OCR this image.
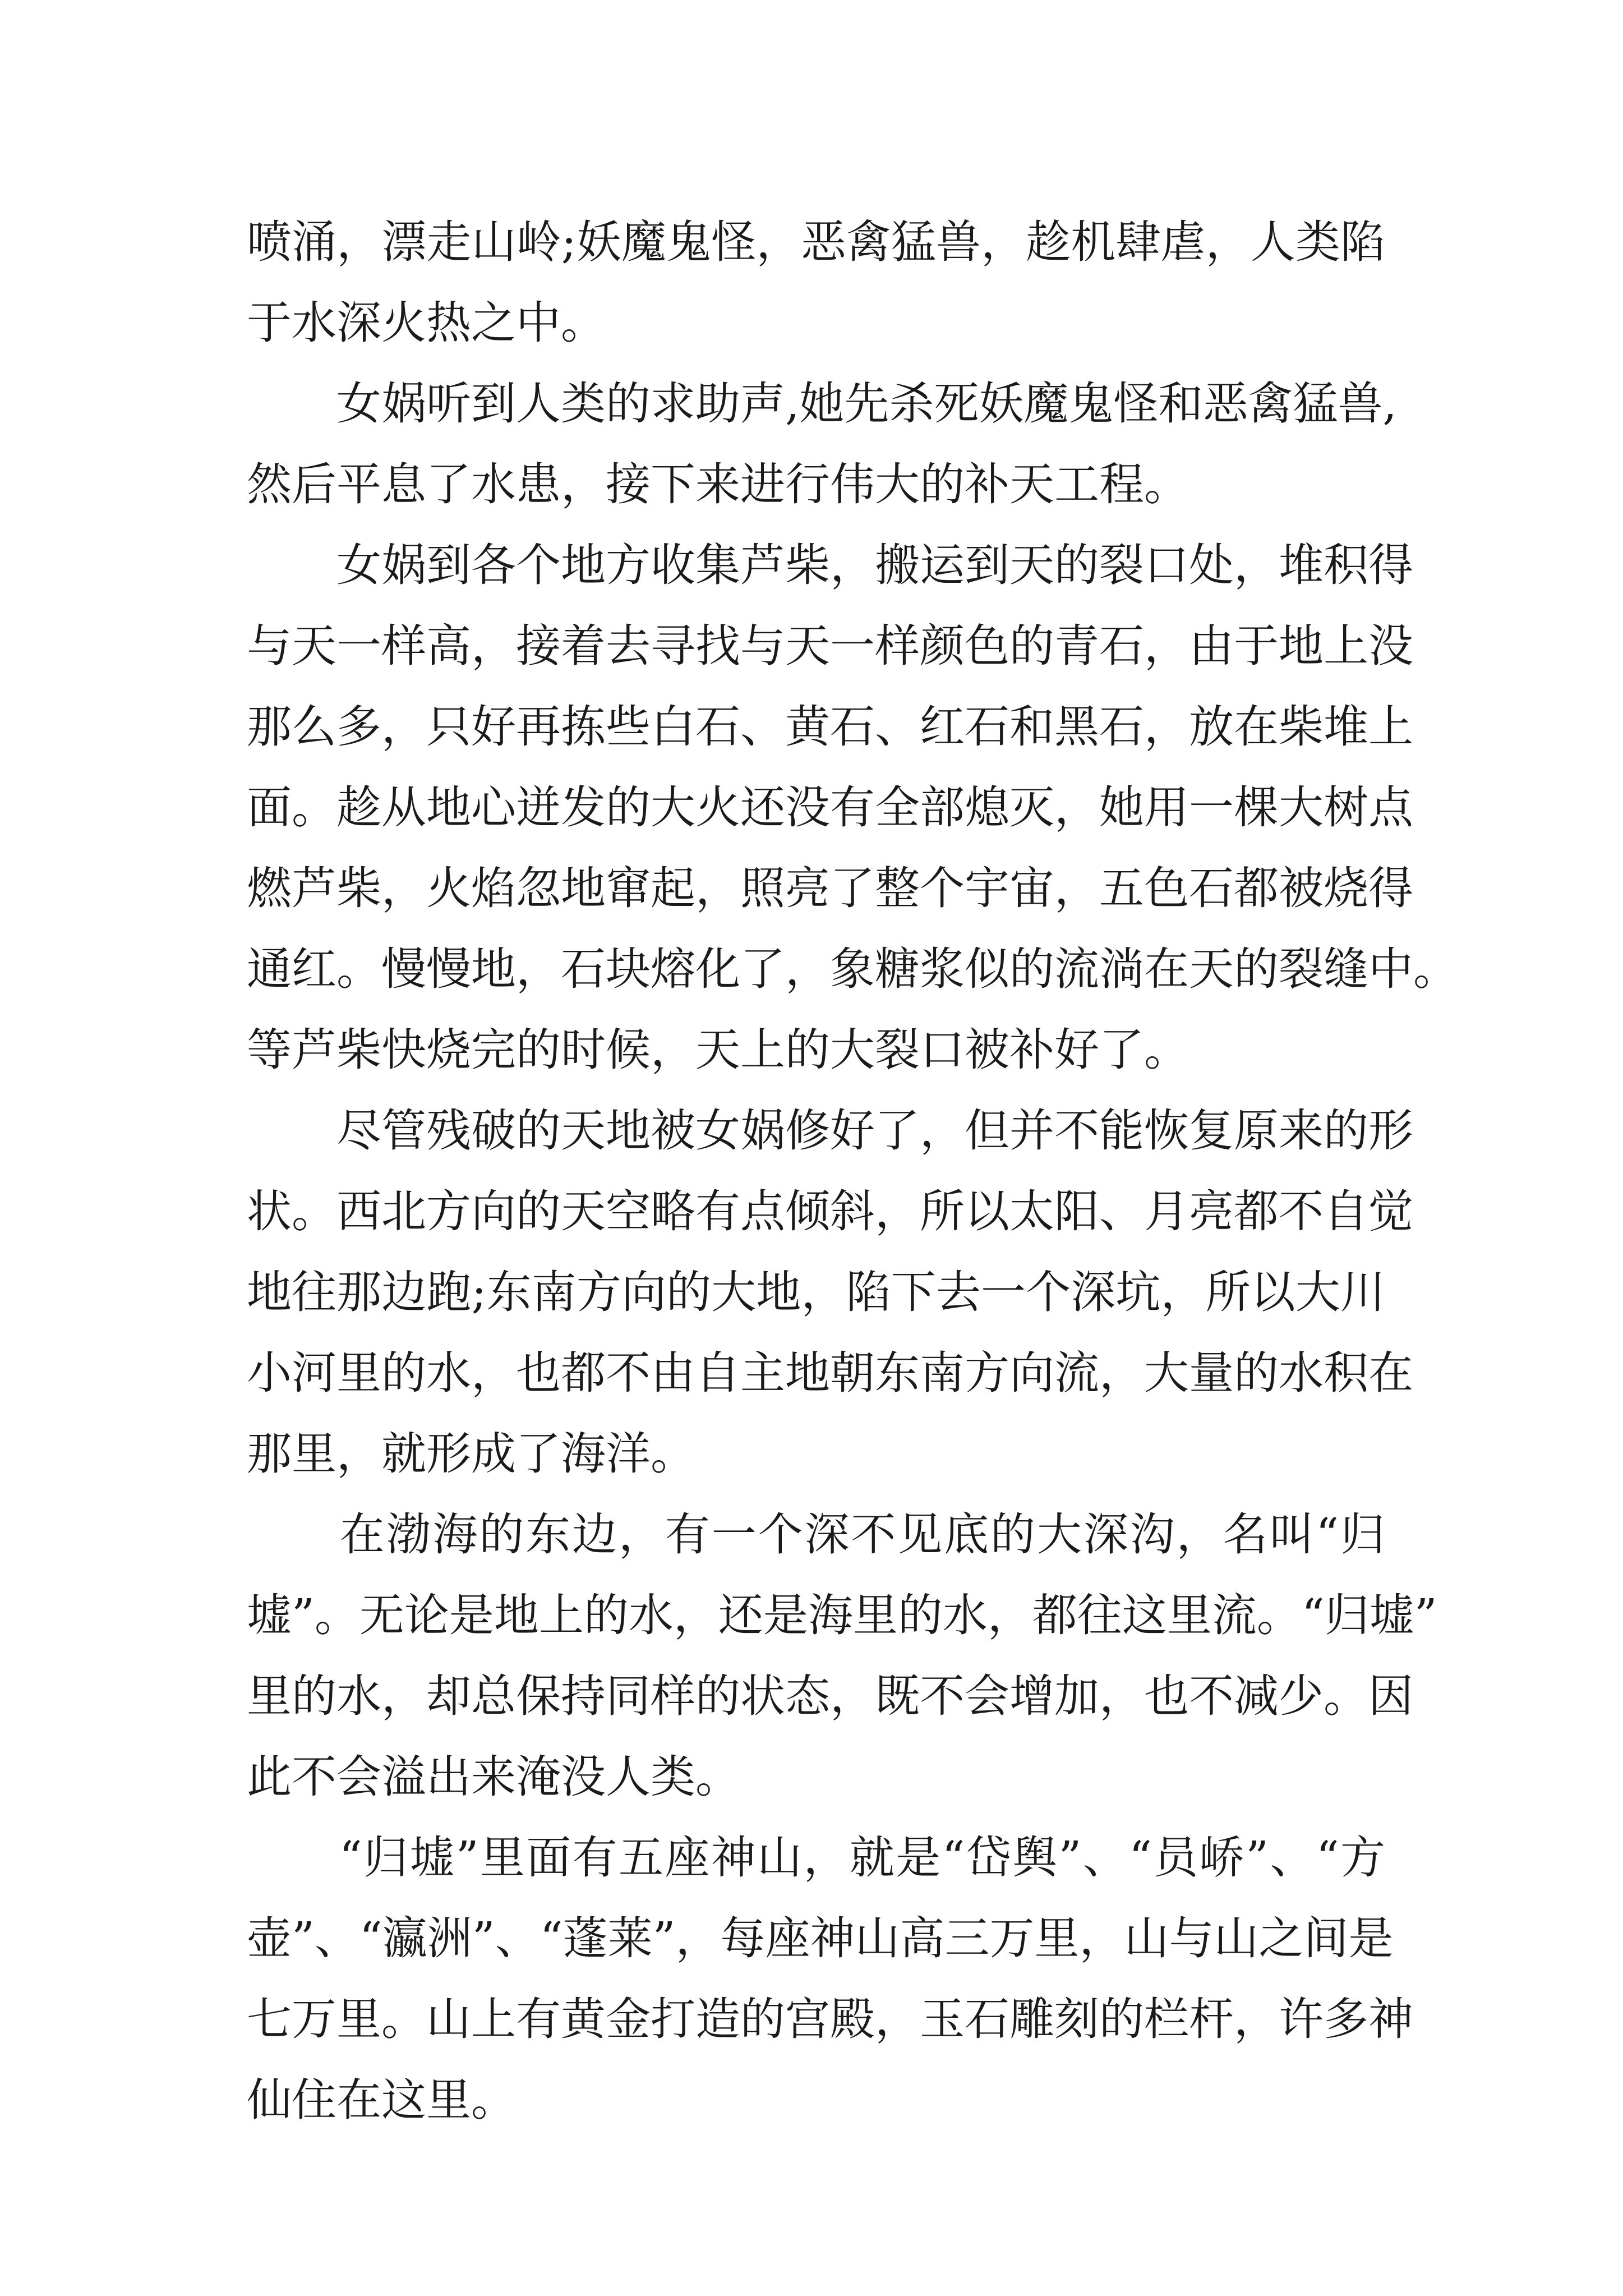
喷涌，漂走山岭;妖魔鬼怪，恶禽猛兽，趁机肆虐，人类陷
于水深火热之中。
　　女娲听到人类的求助声,她先杀死妖魔鬼怪和恶禽猛兽,
然后平息了水患，接下来进行伟大的补天工程。
　　女娲到各个地方收集芦柴，搬运到天的裂口处，堆积得
与天一样高，接着去寻找与天一样颜色的青石，由于地上没
那么多，只好再拣些白石、黄石、红石和黑石，放在柴堆上
面。趁从地心迸发的大火还没有全部熄灭，她用一棵大树点
燃芦柴，火焰忽地窜起，照亮了整个宇宙，五色石都被烧得
通红。慢慢地，石块熔化了，象糖浆似的流淌在天的裂缝中。
等芦柴快烧完的时候，天上的大裂口被补好了。
　　尽管残破的天地被女娲修好了，但并不能恢复原来的形
状。西北方向的天空略有点倾斜，所以太阳、月亮都不自觉
地往那边跑;东南方向的大地，陷下去一个深坑，所以大川
小河里的水，也都不由自主地朝东南方向流，大量的水积在
那里，就形成了海洋。
　　在渤海的东边，有一个深不见底的大深沟，名叫“归
墟”。无论是地上的水，还是海里的水，都往这里流。“归墟”
里的水，却总保持同样的状态，既不会增加，也不减少。因
此不会溢出来淹没人类。
　　“归墟”里面有五座神山，就是“岱舆”、“员峤”、“方
壶”、“瀛洲”、“蓬莱”，每座神山高三万里，山与山之间是
七万里。山上有黄金打造的宫殿，玉石雕刻的栏杆，许多神
仙住在这里。
